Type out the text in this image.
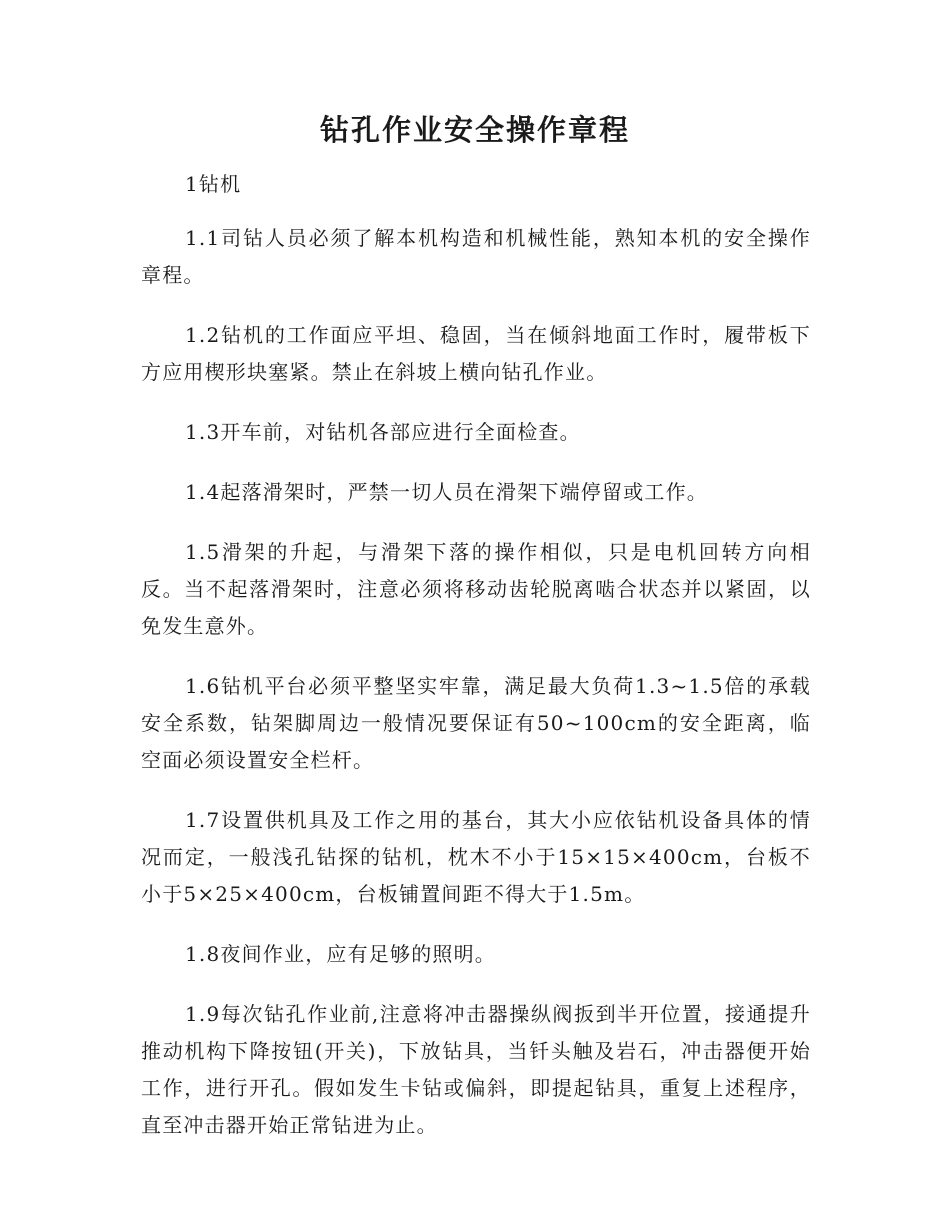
钻孔作业安全操作章程

1钻机

1.1司钻人员必须了解本机构造和机械性能，熟知本机的安全操作章程。

1.2钻机的工作面应平坦、稳固，当在倾斜地面工作时，履带板下方应用楔形块塞紧。禁止在斜坡上横向钻孔作业。

1.3开车前，对钻机各部应进行全面检查。

1.4起落滑架时，严禁一切人员在滑架下端停留或工作。

1.5滑架的升起，与滑架下落的操作相似，只是电机回转方向相反。当不起落滑架时，注意必须将移动齿轮脱离啮合状态并以紧固，以免发生意外。

1.6钻机平台必须平整坚实牢靠，满足最大负荷1.3~1.5倍的承载安全系数，钻架脚周边一般情况要保证有50~100cm的安全距离，临空面必须设置安全栏杆。

1.7设置供机具及工作之用的基台，其大小应依钻机设备具体的情况而定，一般浅孔钻探的钻机，枕木不小于15×15×400cm，台板不小于5×25×400cm，台板铺置间距不得大于1.5m。

1.8夜间作业，应有足够的照明。

1.9每次钻孔作业前,注意将冲击器操纵阀扳到半开位置，接通提升推动机构下降按钮(开关)，下放钻具，当钎头触及岩石，冲击器便开始工作，进行开孔。假如发生卡钻或偏斜，即提起钻具，重复上述程序，直至冲击器开始正常钻进为止。
